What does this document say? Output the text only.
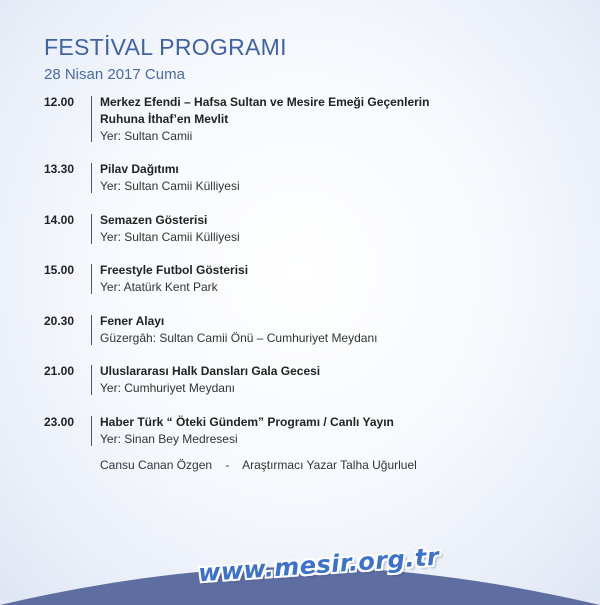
FESTİVAL PROGRAMI
28 Nisan 2017 Cuma
12.00	Merkez Efendi – Hafsa Sultan ve Mesire Emeği Geçenlerin
Ruhuna İthaf’en Mevlit
Yer: Sultan Camii
13.30	Pilav Dağıtımı
Yer: Sultan Camii Külliyesi
14.00	Semazen Gösterisi
Yer: Sultan Camii Külliyesi
15.00	Freestyle Futbol Gösterisi
Yer: Atatürk Kent Park
20.30	Fener Alayı
Güzergâh: Sultan Camii Önü – Cumhuriyet Meydanı
21.00	Uluslararası Halk Dansları Gala Gecesi
Yer: Cumhuriyet Meydanı
23.00	Haber Türk “ Öteki Gündem” Programı / Canlı Yayın
Yer: Sinan Bey Medresesi
Cansu Canan Özgen    -    Araştırmacı Yazar Talha Uğurluel
www.mesir.org.tr
